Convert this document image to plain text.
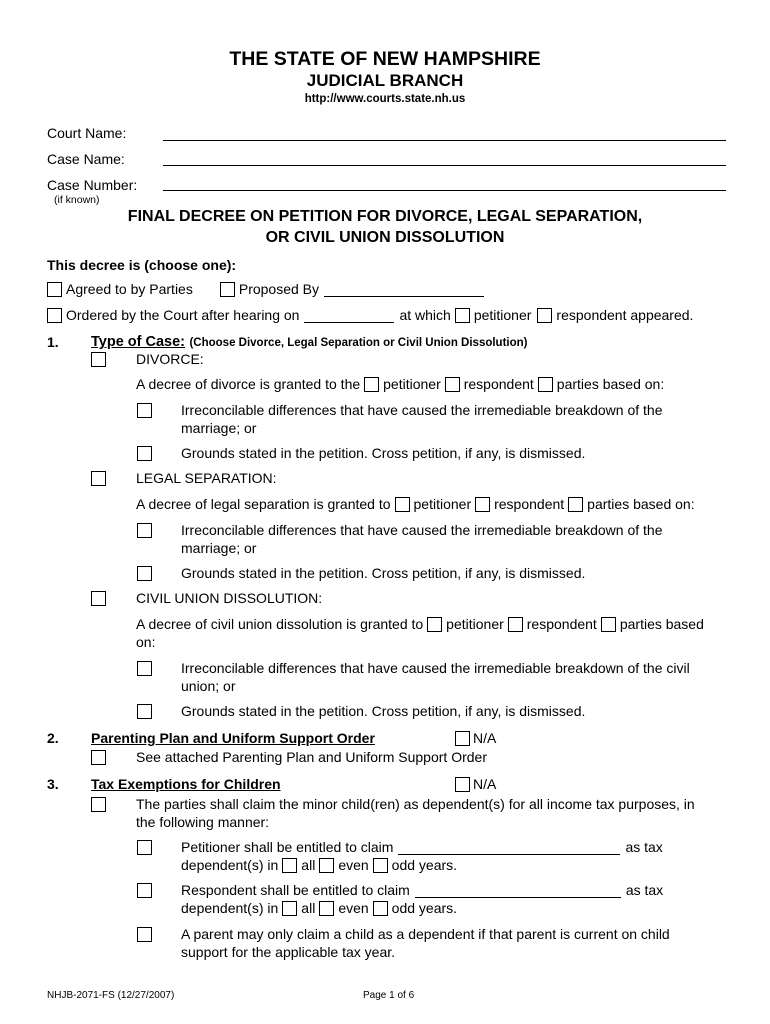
THE STATE OF NEW HAMPSHIRE
JUDICIAL BRANCH
http://www.courts.state.nh.us
Court Name:
Case Name:
Case Number:
(if known)
FINAL DECREE ON PETITION FOR DIVORCE, LEGAL SEPARATION,
OR CIVIL UNION DISSOLUTION
This decree is (choose one):
Agreed to by Parties	Proposed By
Ordered by the Court after hearing on	at which petitioner respondent appeared.
1. Type of Case: (Choose Divorce, Legal Separation or Civil Union Dissolution)
DIVORCE:
A decree of divorce is granted to the petitioner respondent parties based on:
Irreconcilable differences that have caused the irremediable breakdown of the
marriage; or
Grounds stated in the petition. Cross petition, if any, is dismissed.
LEGAL SEPARATION:
A decree of legal separation is granted to petitioner respondent parties based on:
Irreconcilable differences that have caused the irremediable breakdown of the
marriage; or
Grounds stated in the petition. Cross petition, if any, is dismissed.
CIVIL UNION DISSOLUTION:
A decree of civil union dissolution is granted to petitioner respondent parties based
on:
Irreconcilable differences that have caused the irremediable breakdown of the civil
union; or
Grounds stated in the petition. Cross petition, if any, is dismissed.
2. Parenting Plan and Uniform Support Order	N/A
See attached Parenting Plan and Uniform Support Order
3. Tax Exemptions for Children	N/A
The parties shall claim the minor child(ren) as dependent(s) for all income tax purposes, in
the following manner:
Petitioner shall be entitled to claim	as tax
dependent(s) in all even odd years.
Respondent shall be entitled to claim	as tax
dependent(s) in all even odd years.
A parent may only claim a child as a dependent if that parent is current on child
support for the applicable tax year.
NHJB-2071-FS (12/27/2007)	Page 1 of 6
